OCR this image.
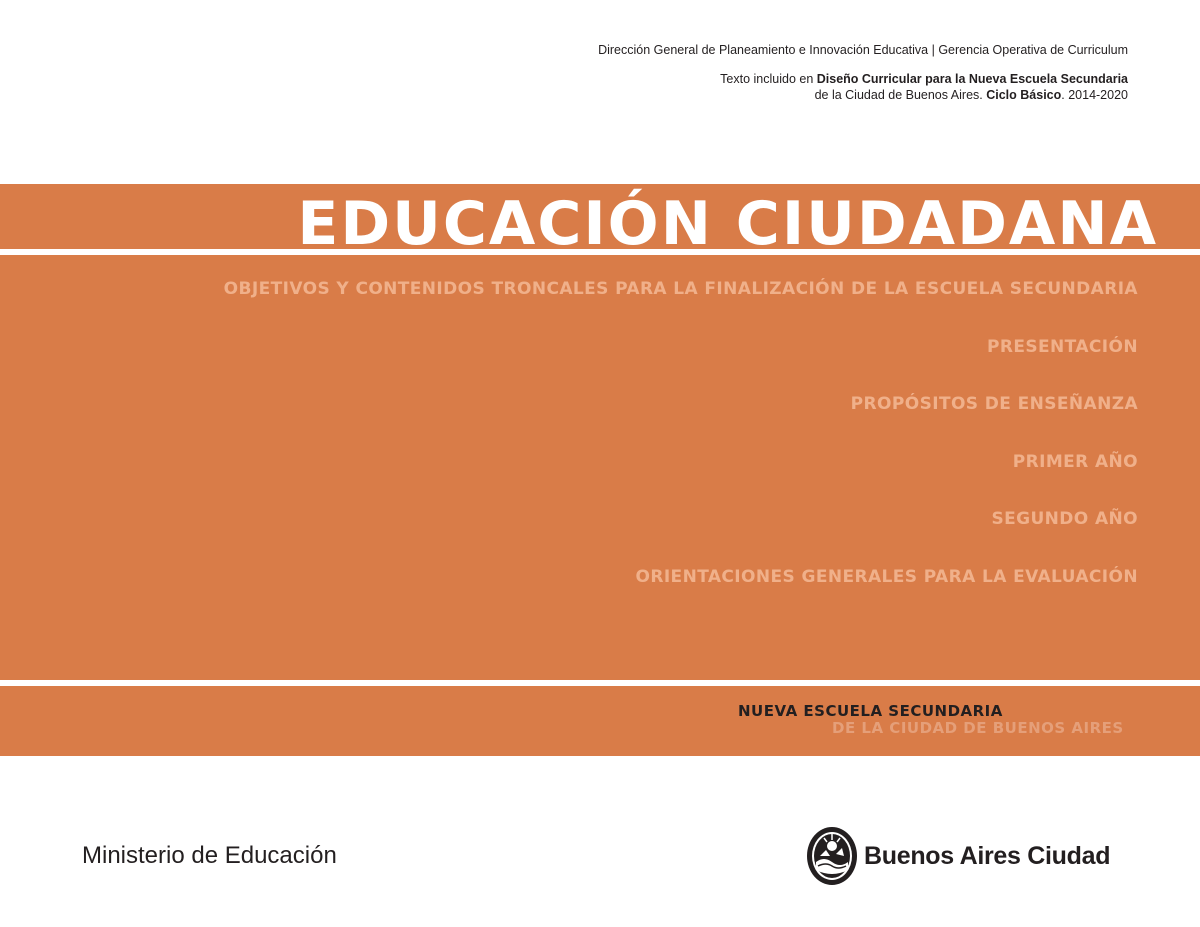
Dirección General de Planeamiento e Innovación Educativa | Gerencia Operativa de Curriculum
Texto incluido en Diseño Curricular para la Nueva Escuela Secundaria
de la Ciudad de Buenos Aires. Ciclo Básico. 2014-2020
EDUCACIÓN CIUDADANA
OBJETIVOS Y CONTENIDOS TRONCALES PARA LA FINALIZACIÓN DE LA ESCUELA SECUNDARIA
PRESENTACIÓN
PROPÓSITOS DE ENSEÑANZA
PRIMER AÑO
SEGUNDO AÑO
ORIENTACIONES GENERALES PARA LA EVALUACIÓN
NUEVA ESCUELA SECUNDARIA
DE LA CIUDAD DE BUENOS AIRES
Ministerio de Educación	Buenos Aires Ciudad
